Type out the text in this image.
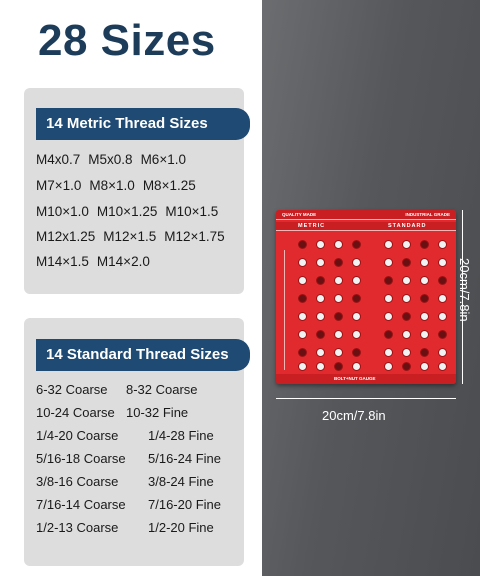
28 Sizes
14 Metric Thread Sizes
M4x0.7 M5x0.8 M6×1.0
M7×1.0 M8×1.0 M8×1.25
M10×1.0 M10×1.25 M10×1.5
M12x1.25 M12×1.5 M12×1.75
M14×1.5 M14×2.0
14 Standard Thread Sizes
6-32 Coarse 8-32 Coarse
10-24 Coarse 10-32 Fine
1/4-20 Coarse 1/4-28 Fine
5/16-18 Coarse 5/16-24 Fine
3/8-16 Coarse 3/8-24 Fine
7/16-14 Coarse 7/16-20 Fine
1/2-13 Coarse 1/2-20 Fine
QUALITY MADE	INDUSTRIAL GRADE
METRIC	STANDARD
BOLT+NUT GAUGE
20cm/7.8in
20cm/7.8in
